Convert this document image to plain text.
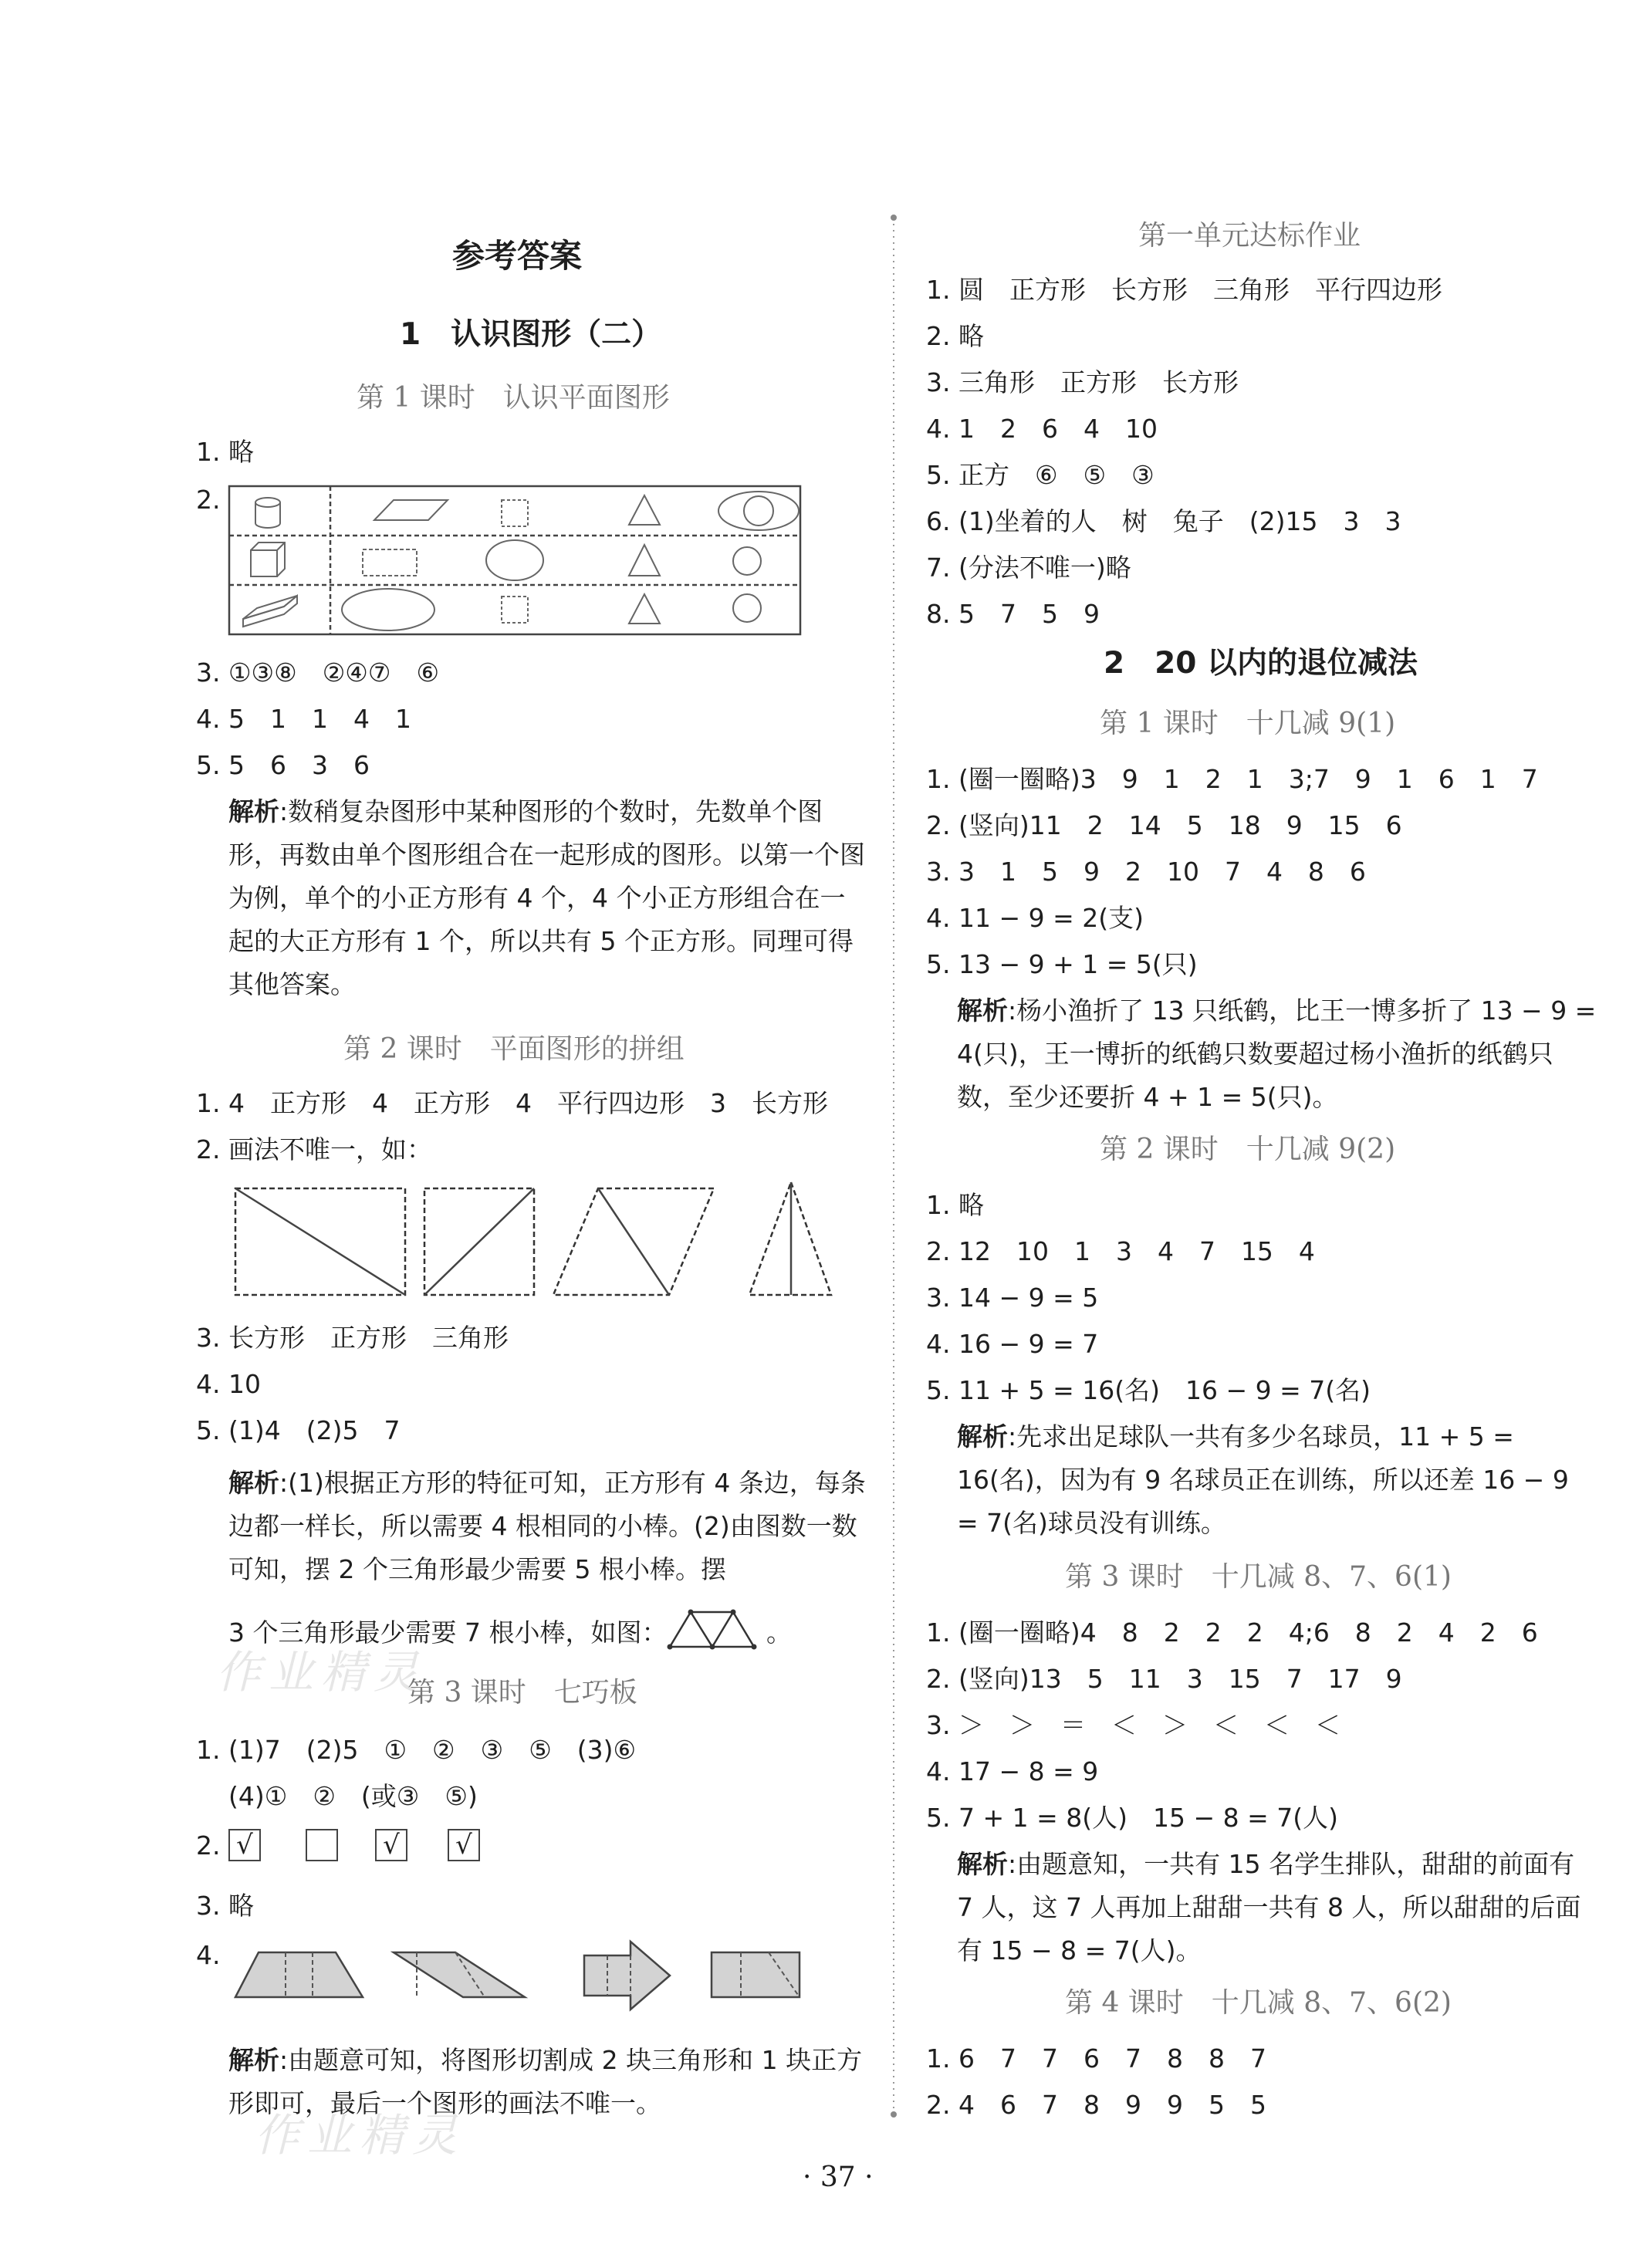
作业精灵
作业精灵
参考答案
1　认识图形（二）
第 1 课时　认识平面图形
1. 略
2.
3. ①③⑧　②④⑦　⑥
4. 5　1　1　4　1
5. 5　6　3　6
解析:数稍复杂图形中某种图形的个数时，先数单个图形，再数由单个图形组合在一起形成的图形。以第一个图为例，单个的小正方形有 4 个，4 个小正方形组合在一起的大正方形有 1 个，所以共有 5 个正方形。同理可得其他答案。
第 2 课时　平面图形的拼组
1. 4　正方形　4　正方形　4　平行四边形　3　长方形
2. 画法不唯一，如：
3. 长方形　正方形　三角形
4. 10
5. (1)4　(2)5　7
解析:(1)根据正方形的特征可知，正方形有 4 条边，每条边都一样长，所以需要 4 根相同的小棒。(2)由图数一数可知，摆 2 个三角形最少需要 5 根小棒。摆
3 个三角形最少需要 7 根小棒，如图：	。
第 3 课时　七巧板
1. (1)7　(2)5　①　②　③　⑤　(3)⑥
(4)①　②　(或③　⑤)
2. √	√ √
3. 略
4.
解析:由题意可知，将图形切割成 2 块三角形和 1 块正方形即可，最后一个图形的画法不唯一。
第一单元达标作业
1. 圆　正方形　长方形　三角形　平行四边形
2. 略
3. 三角形　正方形　长方形
4. 1　2　6　4　10
5. 正方　⑥　⑤　③
6. (1)坐着的人　树　兔子　(2)15　3　3
7. (分法不唯一)略
8. 5　7　5　9
2　20 以内的退位减法
第 1 课时　十几减 9(1)
1. (圈一圈略)3　9　1　2　1　3;7　9　1　6　1　7
2. (竖向)11　2　14　5　18　9　15　6
3. 3　1　5　9　2　10　7　4　8　6
4. 11 − 9 = 2(支)
5. 13 − 9 + 1 = 5(只)
解析:杨小渔折了 13 只纸鹤，比王一博多折了 13 − 9 = 4(只)，王一博折的纸鹤只数要超过杨小渔折的纸鹤只数，至少还要折 4 + 1 = 5(只)。
第 2 课时　十几减 9(2)
1. 略
2. 12　10　1　3　4　7　15　4
3. 14 − 9 = 5
4. 16 − 9 = 7
5. 11 + 5 = 16(名)　16 − 9 = 7(名)
解析:先求出足球队一共有多少名球员，11 + 5 = 16(名)，因为有 9 名球员正在训练，所以还差 16 − 9 = 7(名)球员没有训练。
第 3 课时　十几减 8、7、6(1)
1. (圈一圈略)4　8　2　2　2　4;6　8　2　4　2　6
2. (竖向)13　5　11　3　15　7　17　9
3. ＞　＞　＝　＜　＞　＜　＜　＜
4. 17 − 8 = 9
5. 7 + 1 = 8(人)　15 − 8 = 7(人)
解析:由题意知，一共有 15 名学生排队，甜甜的前面有 7 人，这 7 人再加上甜甜一共有 8 人，所以甜甜的后面有 15 − 8 = 7(人)。
第 4 课时　十几减 8、7、6(2)
1. 6　7　7　6　7　8　8　7
2. 4　6　7　8　9　9　5　5
· 37 ·
